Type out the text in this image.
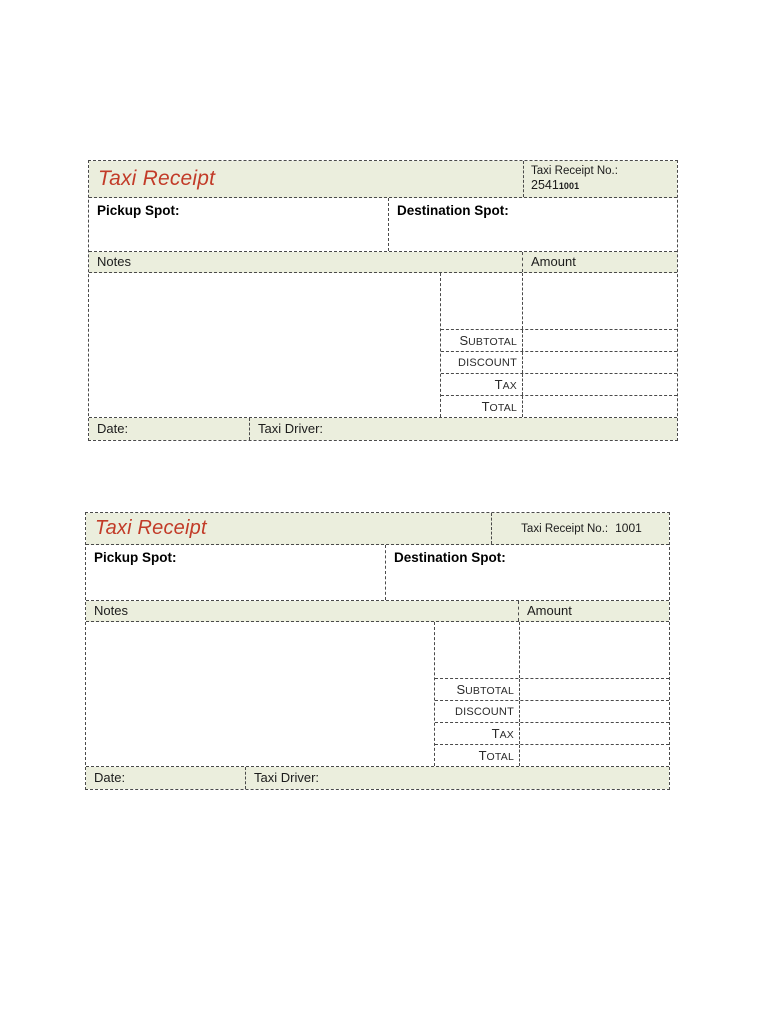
Taxi Receipt	Taxi Receipt No.:
25411001
Pickup Spot:	Destination Spot:
Notes	Amount
SUBTOTAL
DISCOUNT
TAX
TOTAL
Date:	Taxi Driver:
Taxi Receipt	Taxi Receipt No.: 1001
Pickup Spot:	Destination Spot:
Notes	Amount
SUBTOTAL
DISCOUNT
TAX
TOTAL
Date:	Taxi Driver:
